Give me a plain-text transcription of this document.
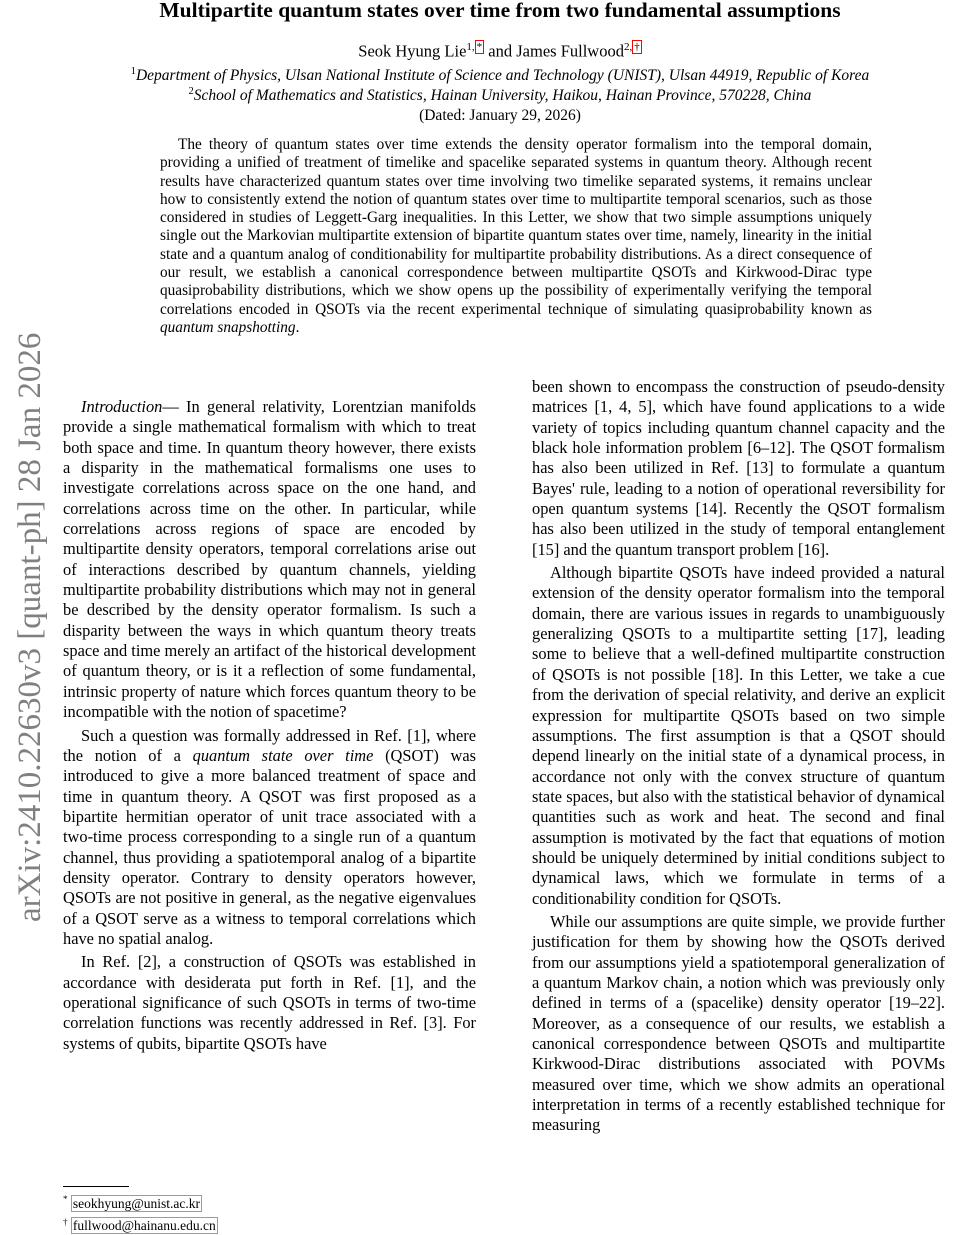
arXiv:2410.22630v3 [quant-ph] 28 Jan 2026
Multipartite quantum states over time from two fundamental assumptions
Seok Hyung Lie$^{1, *}$ and James Fullwood$^{2, \dagger}$
$^1$Department of Physics, Ulsan National Institute of Science and Technology (UNIST), Ulsan 44919, Republic of Korea
$^2$School of Mathematics and Statistics, Hainan University, Haikou, Hainan Province, 570228, China
(Dated: January 29, 2026)
The theory of quantum states over time extends the density operator formalism into the temporal domain, providing a unified of treatment of timelike and spacelike separated systems in quantum theory. Although recent results have characterized quantum states over time involving two timelike separated systems, it remains unclear how to consistently extend the notion of quantum states over time to multipartite temporal scenarios, such as those considered in studies of Leggett-Garg inequalities. In this Letter, we show that two simple assumptions uniquely single out the Markovian multipartite extension of bipartite quantum states over time, namely, linearity in the initial state and a quantum analog of conditionability for multipartite probability distributions. As a direct consequence of our result, we establish a canonical correspondence between multipartite QSOTs and Kirkwood-Dirac type quasiprobability distributions, which we show opens up the possibility of experimentally verifying the temporal correlations encoded in QSOTs via the recent experimental technique of simulating quasiprobability known as quantum snapshotting.

Introduction— In general relativity, Lorentzian manifolds provide a single mathematical formalism with which to treat both space and time. In quantum theory however, there exists a disparity in the mathematical formalisms one uses to investigate correlations across space on the one hand, and correlations across time on the other. In particular, while correlations across regions of space are encoded by multipartite density operators, temporal correlations arise out of interactions described by quantum channels, yielding multipartite probability distributions which may not in general be described by the density operator formalism. Is such a disparity between the ways in which quantum theory treats space and time merely an artifact of the historical development of quantum theory, or is it a reflection of some fundamental, intrinsic property of nature which forces quantum theory to be incompatible with the notion of spacetime?

Such a question was formally addressed in Ref. [1], where the notion of a quantum state over time (QSOT) was introduced to give a more balanced treatment of space and time in quantum theory. A QSOT was first proposed as a bipartite hermitian operator of unit trace associated with a two-time process corresponding to a single run of a quantum channel, thus providing a spatiotemporal analog of a bipartite density operator. Contrary to density operators however, QSOTs are not positive in general, as the negative eigenvalues of a QSOT serve as a witness to temporal correlations which have no spatial analog.

In Ref. [2], a construction of QSOTs was established in accordance with desiderata put forth in Ref. [1], and the operational significance of such QSOTs in terms of two-time correlation functions was recently addressed in Ref. [3]. For systems of qubits, bipartite QSOTs have

been shown to encompass the construction of pseudo-density matrices [1, 4, 5], which have found applications to a wide variety of topics including quantum channel capacity and the black hole information problem [6–12]. The QSOT formalism has also been utilized in Ref. [13] to formulate a quantum Bayes' rule, leading to a notion of operational reversibility for open quantum systems [14]. Recently the QSOT formalism has also been utilized in the study of temporal entanglement [15] and the quantum transport problem [16].

Although bipartite QSOTs have indeed provided a natural extension of the density operator formalism into the temporal domain, there are various issues in regards to unambiguously generalizing QSOTs to a multipartite setting [17], leading some to believe that a well-defined multipartite construction of QSOTs is not possible [18]. In this Letter, we take a cue from the derivation of special relativity, and derive an explicit expression for multipartite QSOTs based on two simple assumptions. The first assumption is that a QSOT should depend linearly on the initial state of a dynamical process, in accordance not only with the convex structure of quantum state spaces, but also with the statistical behavior of dynamical quantities such as work and heat. The second and final assumption is motivated by the fact that equations of motion should be uniquely determined by initial conditions subject to dynamical laws, which we formulate in terms of a conditionability condition for QSOTs.

While our assumptions are quite simple, we provide further justification for them by showing how the QSOTs derived from our assumptions yield a spatiotemporal generalization of a quantum Markov chain, a notion which was previously only defined in terms of a (spacelike) density operator [19–22]. Moreover, as a consequence of our results, we establish a canonical correspondence between QSOTs and multipartite Kirkwood-Dirac distributions associated with POVMs measured over time, which we show admits an operational interpretation in terms of a recently established technique for measuring

* seokhyung@unist.ac.kr
† fullwood@hainanu.edu.cn
